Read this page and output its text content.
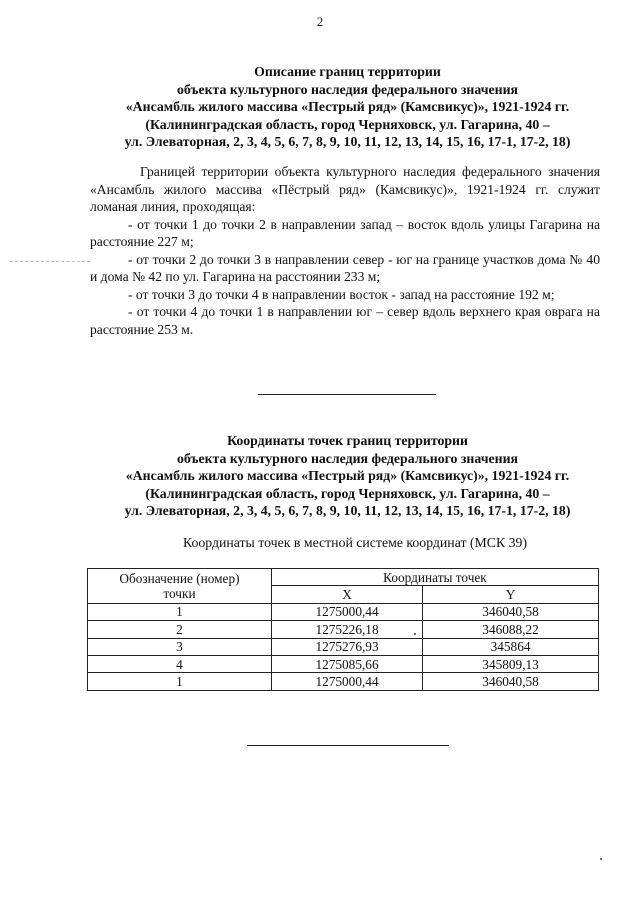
2
Описание границ территории
объекта культурного наследия федерального значения
«Ансамбль жилого массива «Пестрый ряд» (Камсвикус)», 1921-1924 гг.
(Калининградская область, город Черняховск, ул. Гагарина, 40 –
ул. Элеваторная, 2, 3, 4, 5, 6, 7, 8, 9, 10, 11, 12, 13, 14, 15, 16, 17-1, 17-2, 18)

Границей территории объекта культурного наследия федерального значения «Ансамбль жилого массива «Пёстрый ряд» (Камсвикус)», 1921-1924 гг. служит ломаная линия, проходящая:

- от точки 1 до точки 2 в направлении запад – восток вдоль улицы Гагарина на расстояние 227 м;

- от точки 2 до точки 3 в направлении север - юг на границе участков дома № 40 и дома № 42 по ул. Гагарина на расстоянии 233 м;

- от точки 3 до точки 4 в направлении восток - запад на расстояние 192 м;

- от точки 4 до точки 1 в направлении юг – север вдоль верхнего края оврага на расстояние 253 м.

Координаты точек границ территории
объекта культурного наследия федерального значения
«Ансамбль жилого массива «Пестрый ряд» (Камсвикус)», 1921-1924 гг.
(Калининградская область, город Черняховск, ул. Гагарина, 40 –
ул. Элеваторная, 2, 3, 4, 5, 6, 7, 8, 9, 10, 11, 12, 13, 14, 15, 16, 17-1, 17-2, 18)
Координаты точек в местной системе координат (МСК 39)
Обозначение (номер)
точки	Координаты точек	
	X	Y
1	1275000,44	346040,58
2	1275226,18	346088,22
3	1275276,93	345864
4	1275085,66	345809,13
1	1275000,44	346040,58
